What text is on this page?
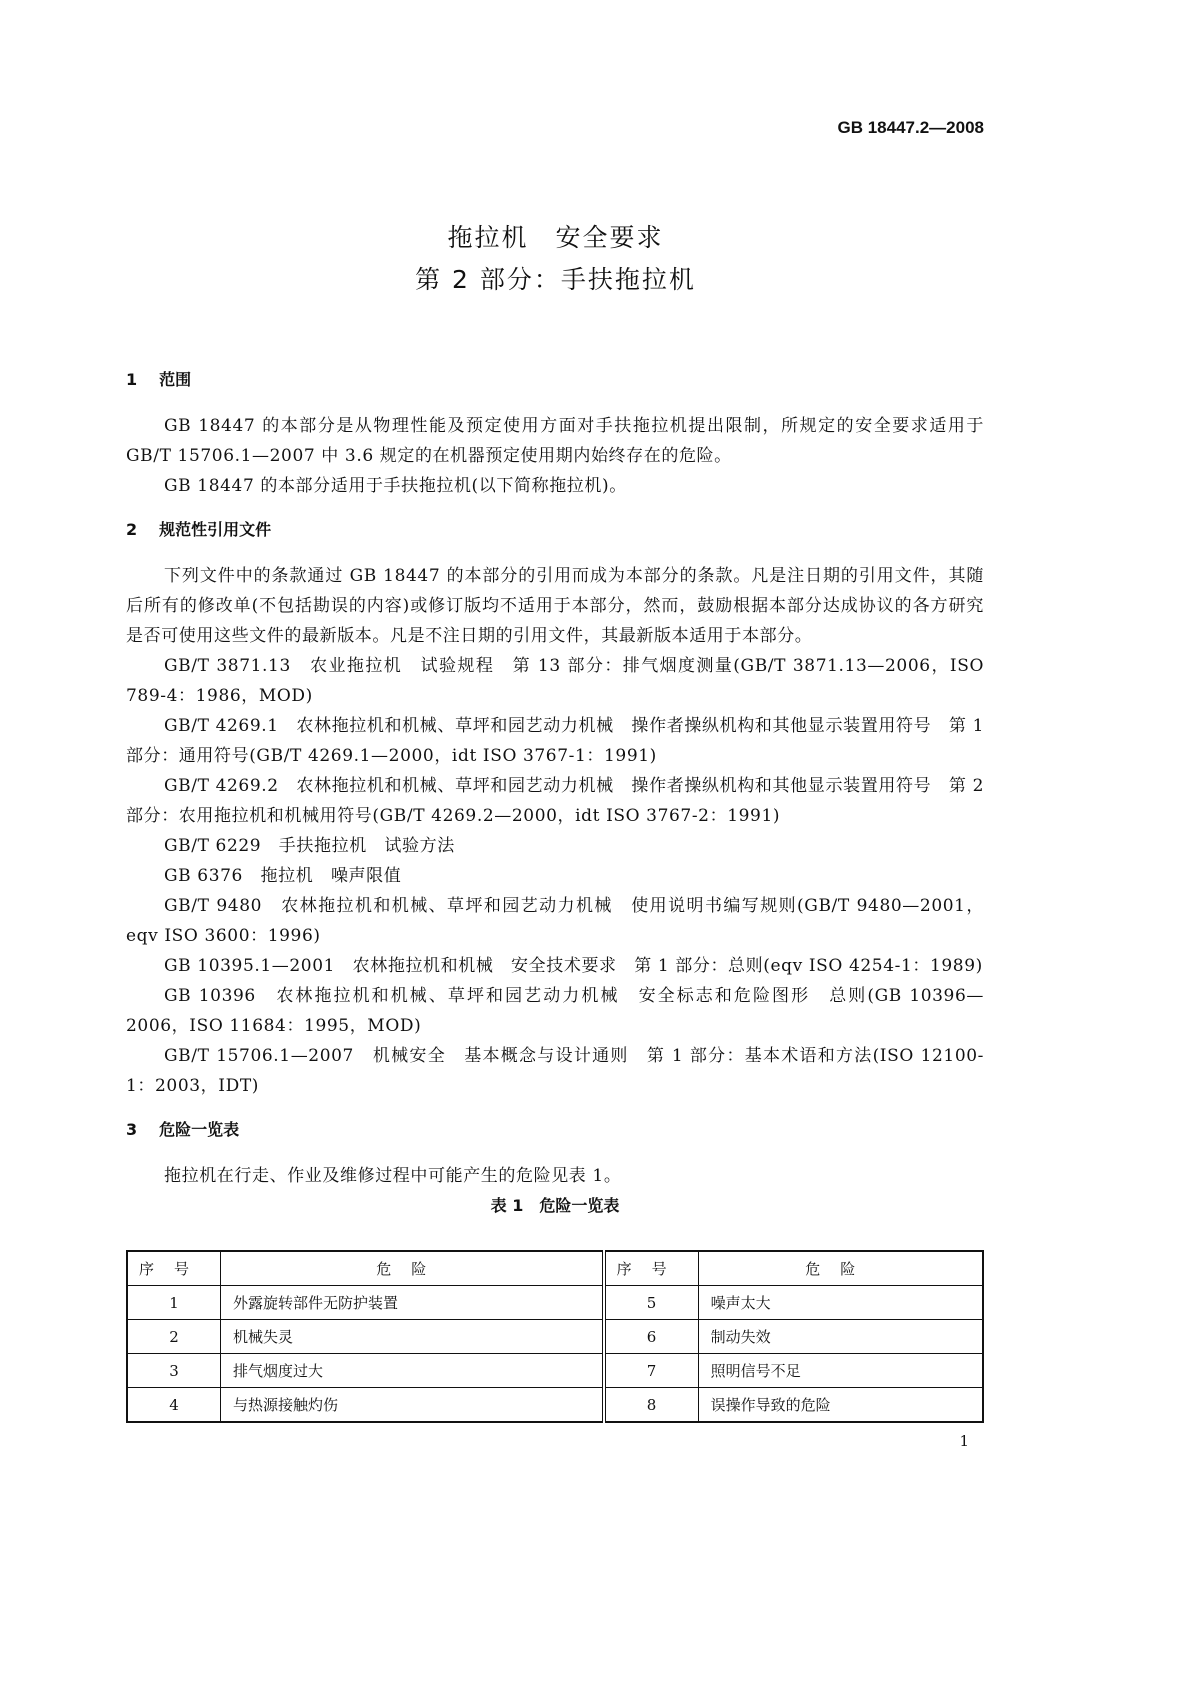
GB 18447.2—2008
拖拉机　安全要求
第 2 部分：手扶拖拉机
1 范围

GB 18447 的本部分是从物理性能及预定使用方面对手扶拖拉机提出限制，所规定的安全要求适用于 GB/T 15706.1—2007 中 3.6 规定的在机器预定使用期内始终存在的危险。

GB 18447 的本部分适用于手扶拖拉机(以下简称拖拉机)。

2 规范性引用文件

下列文件中的条款通过 GB 18447 的本部分的引用而成为本部分的条款。凡是注日期的引用文件，其随后所有的修改单(不包括勘误的内容)或修订版均不适用于本部分，然而，鼓励根据本部分达成协议的各方研究是否可使用这些文件的最新版本。凡是不注日期的引用文件，其最新版本适用于本部分。

GB/T 3871.13　农业拖拉机　试验规程　第 13 部分：排气烟度测量(GB/T 3871.13—2006，ISO 789-4：1986，MOD)

GB/T 4269.1　农林拖拉机和机械、草坪和园艺动力机械　操作者操纵机构和其他显示装置用符号　第 1 部分：通用符号(GB/T 4269.1—2000，idt ISO 3767-1：1991)

GB/T 4269.2　农林拖拉机和机械、草坪和园艺动力机械　操作者操纵机构和其他显示装置用符号　第 2 部分：农用拖拉机和机械用符号(GB/T 4269.2—2000，idt ISO 3767-2：1991)

GB/T 6229　手扶拖拉机　试验方法

GB 6376　拖拉机　噪声限值

GB/T 9480　农林拖拉机和机械、草坪和园艺动力机械　使用说明书编写规则(GB/T 9480—2001，eqv ISO 3600：1996)

GB 10395.1—2001　农林拖拉机和机械　安全技术要求　第 1 部分：总则(eqv ISO 4254-1：1989)

GB 10396　农林拖拉机和机械、草坪和园艺动力机械　安全标志和危险图形　总则(GB 10396—2006，ISO 11684：1995，MOD)

GB/T 15706.1—2007　机械安全　基本概念与设计通则　第 1 部分：基本术语和方法(ISO 12100-1：2003，IDT)

3 危险一览表

拖拉机在行走、作业及维修过程中可能产生的危险见表 1。

表 1　危险一览表
序号	危险	序号	危险
1	外露旋转部件无防护装置	5	噪声太大
2	机械失灵	6	制动失效
3	排气烟度过大	7	照明信号不足
4	与热源接触灼伤	8	误操作导致的危险
1
